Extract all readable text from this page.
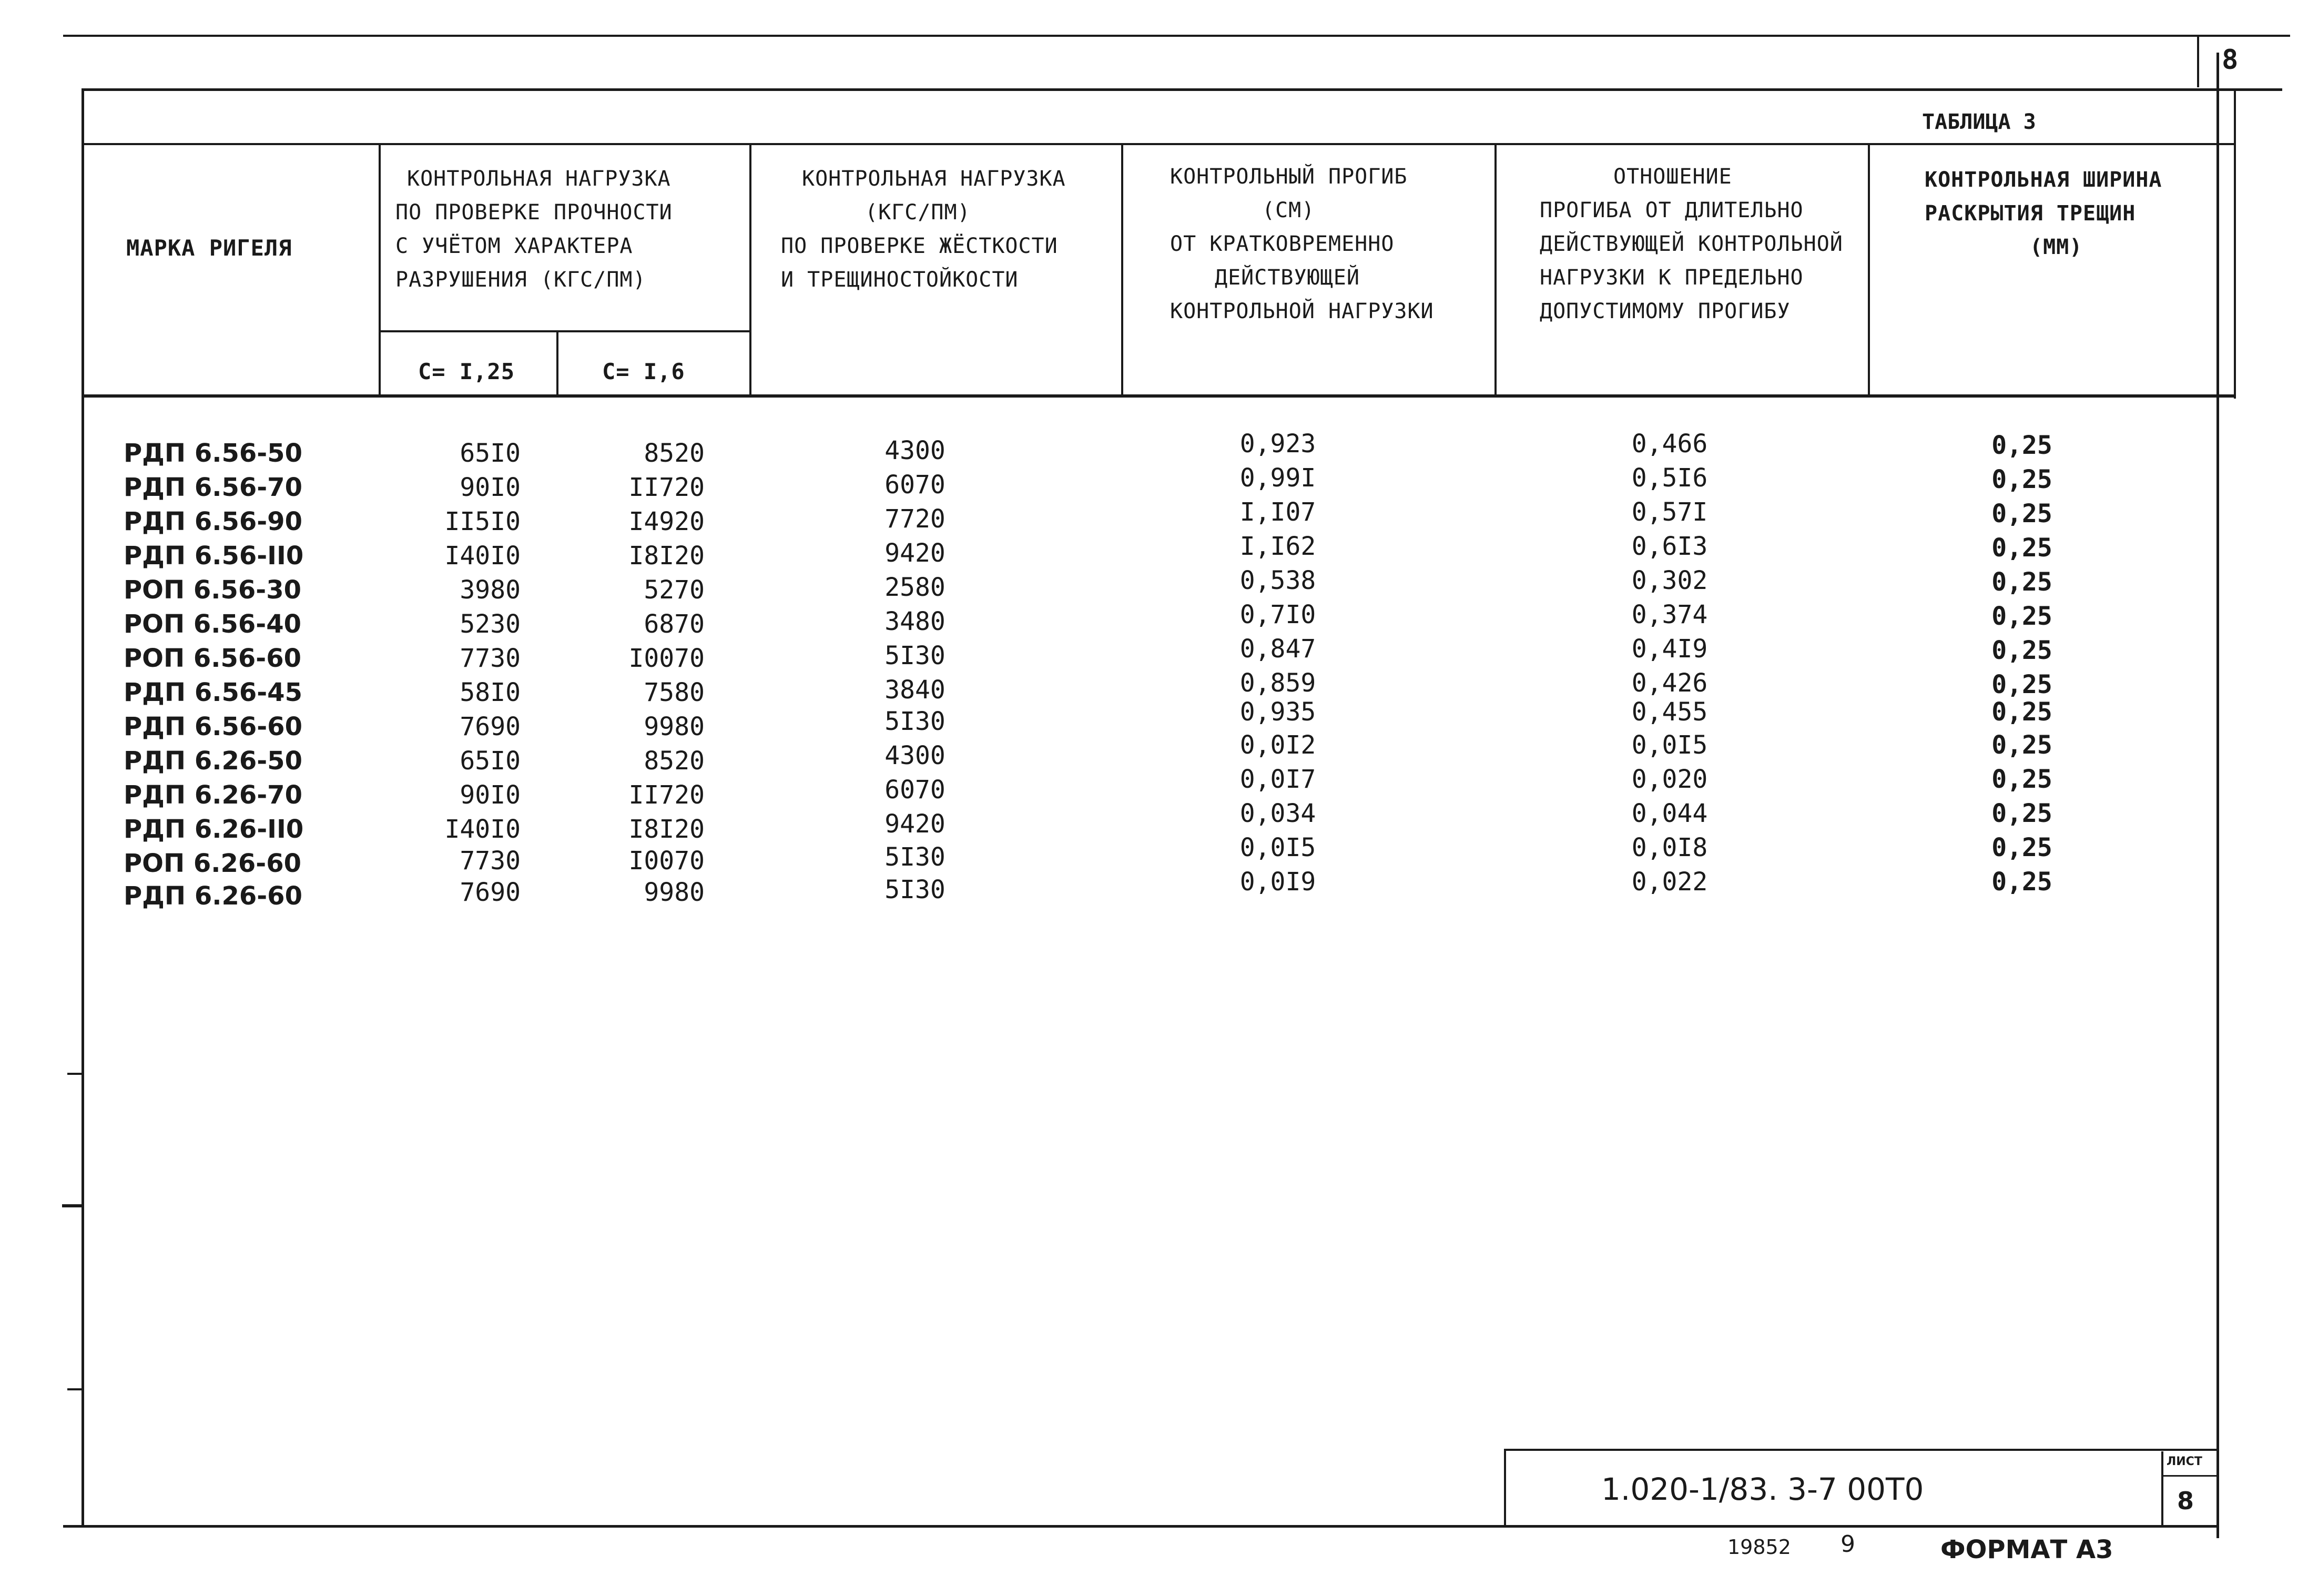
8
ТАБЛИЦА 3
МАРКА РИГЕЛЯ
КОНТРОЛЬНАЯ НАГРУЗКА
ПО ПРОВЕРКЕ ПРОЧНОСТИ
С УЧЁТОМ ХАРАКТЕРА
РАЗРУШЕНИЯ (КГС/ПМ)
С= I,25	С= I,6
КОНТРОЛЬНАЯ НАГРУЗКА
(КГС/ПМ)
ПО ПРОВЕРКЕ ЖЁСТКОСТИ
И ТРЕЩИНОСТОЙКОСТИ
КОНТРОЛЬНЫЙ ПРОГИБ
(СМ)
ОТ КРАТКОВРЕМЕННО
ДЕЙСТВУЮЩЕЙ
КОНТРОЛЬНОЙ НАГРУЗКИ
ОТНОШЕНИЕ
ПРОГИБА ОТ ДЛИТЕЛЬНО
ДЕЙСТВУЮЩЕЙ КОНТРОЛЬНОЙ
НАГРУЗКИ К ПРЕДЕЛЬНО
ДОПУСТИМОМУ ПРОГИБУ
КОНТРОЛЬНАЯ ШИРИНА
РАСКРЫТИЯ ТРЕЩИН
(ММ)
РДП 6.56-50	65I0	8520	4300	0,923	0,466	0,25
РДП 6.56-70	90I0	II720	6070	0,99I	0,5I6	0,25
РДП 6.56-90	II5I0	I4920	7720	I,I07	0,57I	0,25
РДП 6.56-II0	I40I0	I8I20	9420	I,I62	0,6I3	0,25
РОП 6.56-30	3980	5270	2580	0,538	0,302	0,25
РОП 6.56-40	5230	6870	3480	0,7I0	0,374	0,25
РОП 6.56-60	7730	I0070	5I30	0,847	0,4I9	0,25
РДП 6.56-45	58I0	7580	3840	0,859	0,426	0,25
РДП 6.56-60	7690	9980	5I30	0,935	0,455	0,25
РДП 6.26-50	65I0	8520	4300	0,0I2	0,0I5	0,25
РДП 6.26-70	90I0	II720	6070	0,0I7	0,020	0,25
РДП 6.26-II0	I40I0	I8I20	9420	0,034	0,044	0,25
РОП 6.26-60	7730	I0070	5I30	0,0I5	0,0I8	0,25
РДП 6.26-60	7690	9980	5I30	0,0I9	0,022	0,25
1.020-1/83. 3-7 00Т0
ЛИСТ
8
19852 9	ФОРМАТ А3
